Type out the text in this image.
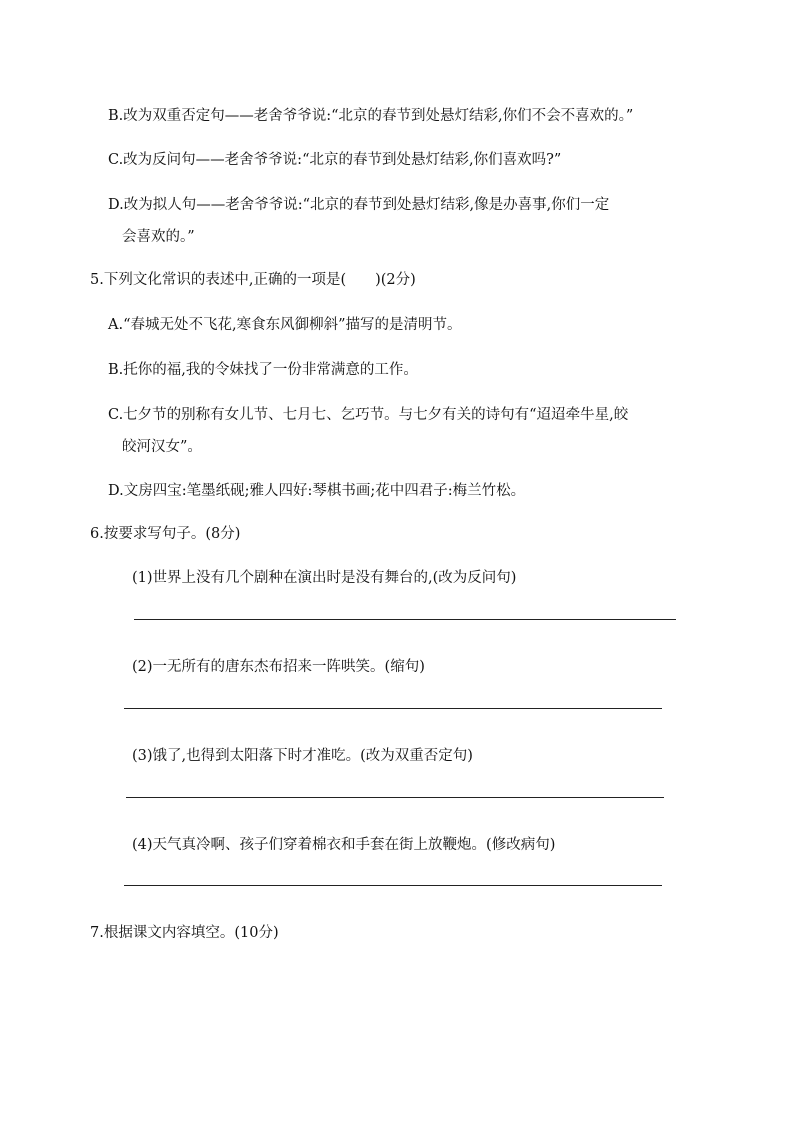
B.改为双重否定句——老舍爷爷说:“北京的春节到处悬灯结彩,你们不会不喜欢的。”
C.改为反问句——老舍爷爷说:“北京的春节到处悬灯结彩,你们喜欢吗?”
D.改为拟人句——老舍爷爷说:“北京的春节到处悬灯结彩,像是办喜事,你们一定
会喜欢的。”
5.下列文化常识的表述中,正确的一项是(　　)(2分)
A.“春城无处不飞花,寒食东风御柳斜”描写的是清明节。
B.托你的福,我的令妹找了一份非常满意的工作。
C.七夕节的别称有女儿节、七月七、乞巧节。与七夕有关的诗句有“迢迢牵牛星,皎
皎河汉女”。
D.文房四宝:笔墨纸砚;雅人四好:琴棋书画;花中四君子:梅兰竹松。
6.按要求写句子。(8分)
(1)世界上没有几个剧种在演出时是没有舞台的,(改为反问句)
(2)一无所有的唐东杰布招来一阵哄笑。(缩句)
(3)饿了,也得到太阳落下时才准吃。(改为双重否定句)
(4)天气真冷啊、孩子们穿着棉衣和手套在街上放鞭炮。(修改病句)
7.根据课文内容填空。(10分)
